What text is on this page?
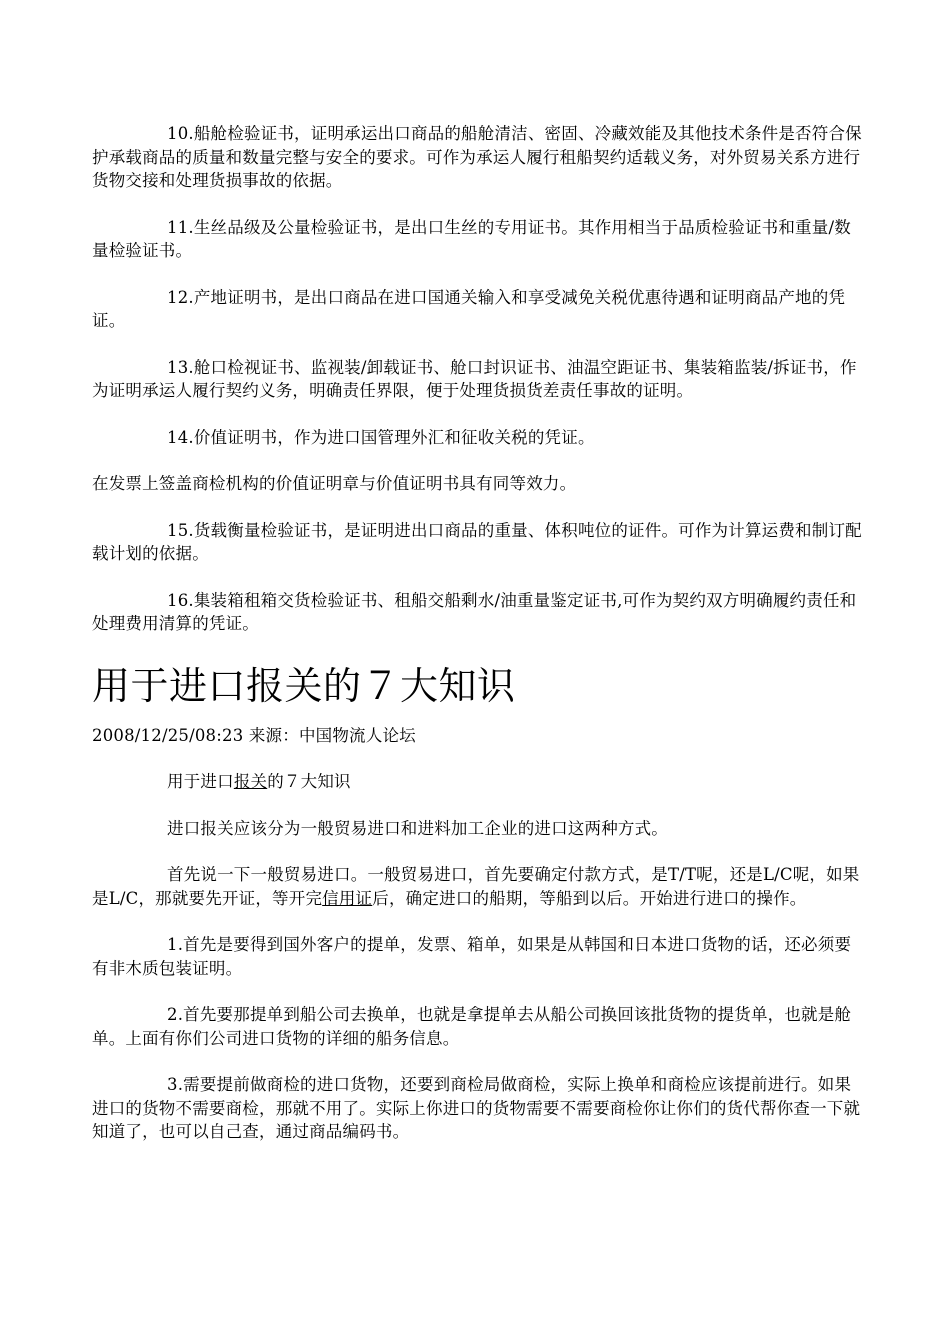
10.船舱检验证书，证明承运出口商品的船舱清洁、密固、冷藏效能及其他技术条件是否符合保护承载商品的质量和数量完整与安全的要求。可作为承运人履行租船契约适载义务，对外贸易关系方进行货物交接和处理货损事故的依据。

11.生丝品级及公量检验证书，是出口生丝的专用证书。其作用相当于品质检验证书和重量/数量检验证书。

12.产地证明书，是出口商品在进口国通关输入和享受减免关税优惠待遇和证明商品产地的凭证。

13.舱口检视证书、监视装/卸载证书、舱口封识证书、油温空距证书、集装箱监装/拆证书，作为证明承运人履行契约义务，明确责任界限，便于处理货损货差责任事故的证明。

14.价值证明书，作为进口国管理外汇和征收关税的凭证。

在发票上签盖商检机构的价值证明章与价值证明书具有同等效力。

15.货载衡量检验证书，是证明进出口商品的重量、体积吨位的证件。可作为计算运费和制订配载计划的依据。

16.集装箱租箱交货检验证书、租船交船剩水/油重量鉴定证书,可作为契约双方明确履约责任和处理费用清算的凭证。

用于进口报关的７大知识

2008/12/25/08:23 来源：中国物流人论坛

用于进口报关的７大知识

进口报关应该分为一般贸易进口和进料加工企业的进口这两种方式。

首先说一下一般贸易进口。一般贸易进口，首先要确定付款方式，是T/T呢，还是L/C呢，如果是L/C，那就要先开证，等开完信用证后，确定进口的船期，等船到以后。开始进行进口的操作。

1.首先是要得到国外客户的提单，发票、箱单，如果是从韩国和日本进口货物的话，还必须要有非木质包装证明。

2.首先要那提单到船公司去换单，也就是拿提单去从船公司换回该批货物的提货单，也就是舱单。上面有你们公司进口货物的详细的船务信息。

3.需要提前做商检的进口货物，还要到商检局做商检，实际上换单和商检应该提前进行。如果进口的货物不需要商检，那就不用了。实际上你进口的货物需要不需要商检你让你们的货代帮你查一下就知道了，也可以自己查，通过商品编码书。
